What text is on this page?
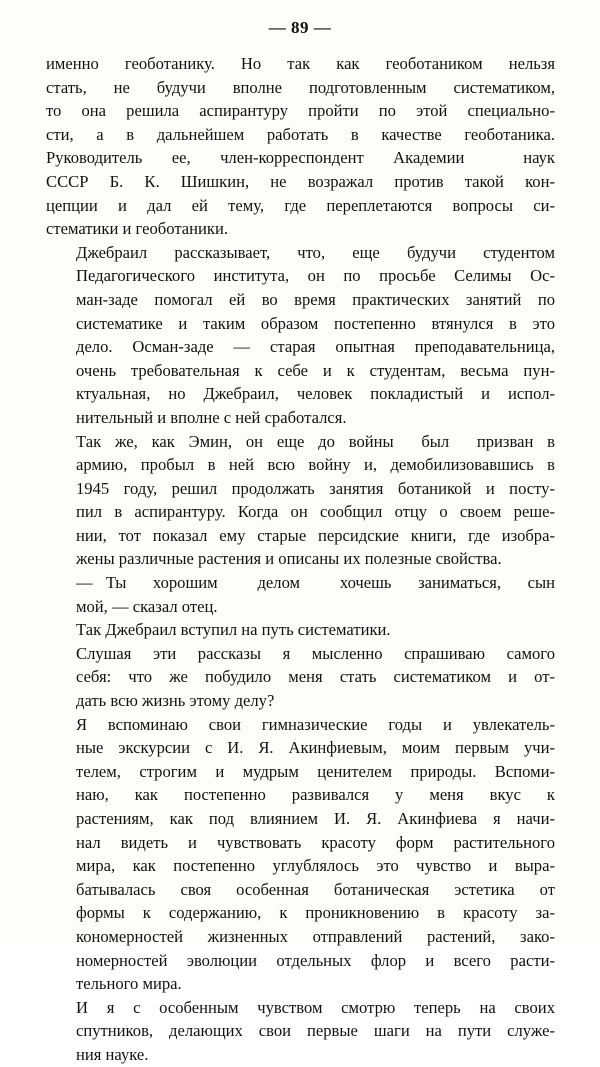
— 89 —
именно геоботанику. Но так как геоботаником нельзя
стать, не будучи вполне подготовленным систематиком,
то она решила аспирантуру пройти по этой специально-
сти, а в дальнейшем работать в качестве геоботаника.
Руководитель ее, член-корреспондент Академии  наук
СССР Б. К. Шишкин, не возражал против такой кон-
цепции и дал ей тему, где переплетаются вопросы си-
стематики и геоботаники.
Джебраил рассказывает, что, еще будучи студентом
Педагогического института, он по просьбе Селимы Ос-
ман-заде помогал ей во время практических занятий по
систематике и таким образом постепенно втянулся в это
дело. Осман-заде — старая опытная преподавательница,
очень требовательная к себе и к студентам, весьма пун-
ктуальная, но Джебраил, человек покладистый и испол-
нительный и вполне с ней сработался.
Так же, как Эмин, он еще до войны  был  призван в
армию, пробыл в ней всю войну и, демобилизовавшись в
1945 году, решил продолжать занятия ботаникой и посту-
пил в аспирантуру. Когда он сообщил отцу о своем реше-
нии, тот показал ему старые персидские книги, где изобра-
жены различные растения и описаны их полезные свойства.
— Ты  хорошим   делом   хочешь  заниматься,  сын
мой, — сказал отец.
Так Джебраил вступил на путь систематики.
Слушая эти рассказы я мысленно спрашиваю самого
себя: что же побудило меня стать систематиком и от-
дать всю жизнь этому делу?
Я вспоминаю свои гимназические годы и увлекатель-
ные экскурсии с И. Я. Акинфиевым, моим первым учи-
телем, строгим и мудрым ценителем природы. Вспоми-
наю,  как  постепенно  развивался  у  меня  вкус  к
растениям, как под влиянием И. Я. Акинфиева я начи-
нал видеть и чувствовать красоту форм растительного
мира, как постепенно углублялось это чувство и выра-
батывалась своя особенная ботаническая эстетика от
формы к содержанию, к проникновению в красоту за-
кономерностей жизненных отправлений растений, зако-
номерностей эволюции отдельных флор и всего расти-
тельного мира.
И я с особенным чувством смотрю теперь на своих
спутников, делающих свои первые шаги на пути служе-
ния науке.
